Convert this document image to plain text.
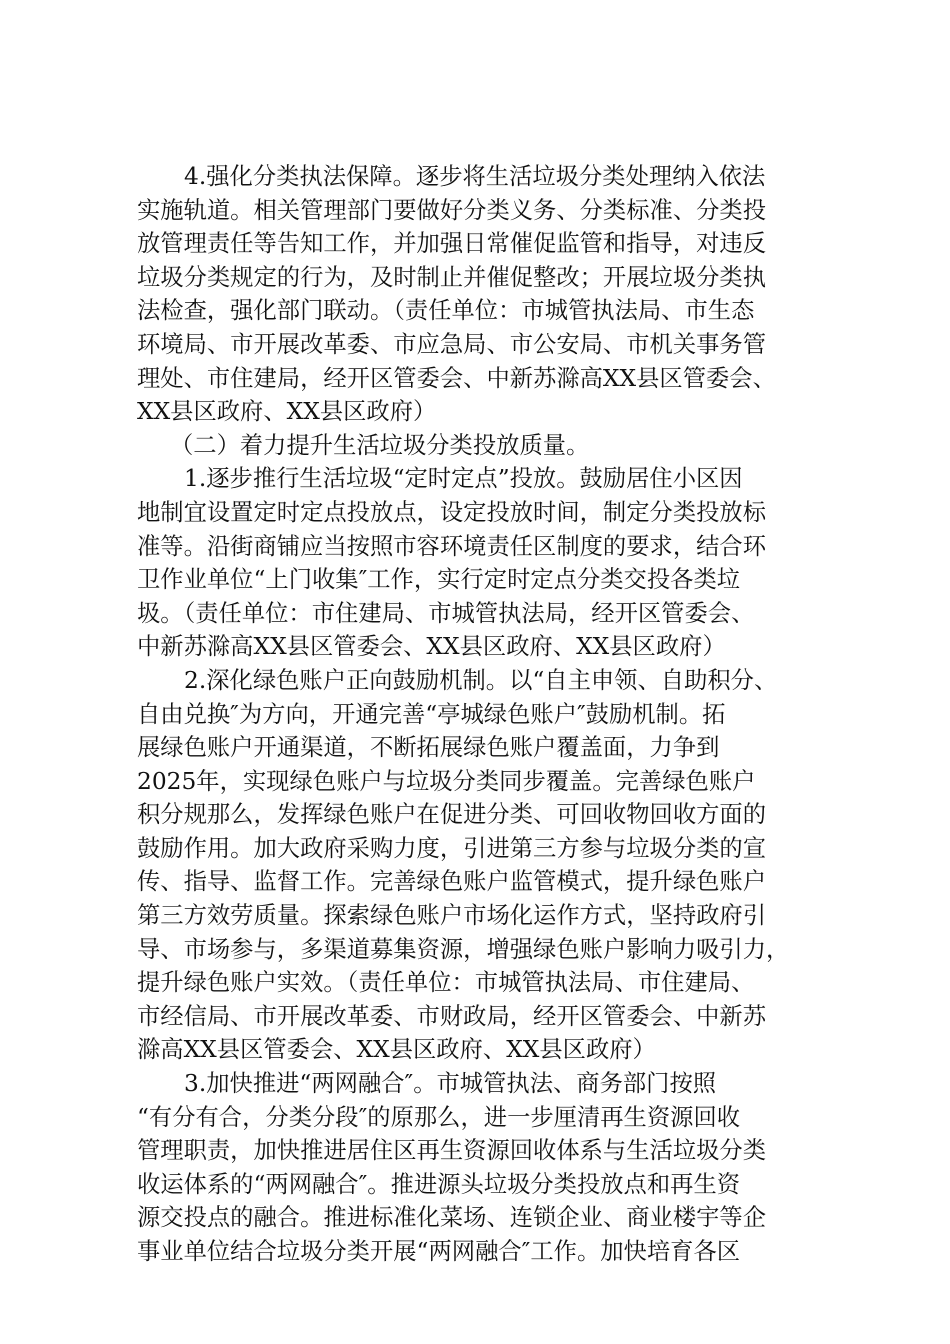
4.强化分类执法保障。逐步将生活垃圾分类处理纳入依法
实施轨道。相关管理部门要做好分类义务、分类标准、分类投
放管理责任等告知工作，并加强日常催促监管和指导，对违反
垃圾分类规定的行为，及时制止并催促整改；开展垃圾分类执
法检查，强化部门联动。（责任单位：市城管执法局、市生态
环境局、市开展改革委、市应急局、市公安局、市机关事务管
理处、市住建局，经开区管委会、中新苏滁高XX县区管委会、
XX县区政府、XX县区政府）
（二）着力提升生活垃圾分类投放质量。
1.逐步推行生活垃圾“定时定点”投放。鼓励居住小区因
地制宜设置定时定点投放点，设定投放时间，制定分类投放标
准等。沿街商铺应当按照市容环境责任区制度的要求，结合环
卫作业单位“上门收集″工作，实行定时定点分类交投各类垃
圾。（责任单位：市住建局、市城管执法局，经开区管委会、
中新苏滁高XX县区管委会、XX县区政府、XX县区政府）
2.深化绿色账户正向鼓励机制。以“自主申领、自助积分、
自由兑换″为方向，开通完善“亭城绿色账户″鼓励机制。拓
展绿色账户开通渠道，不断拓展绿色账户覆盖面，力争到
2025年，实现绿色账户与垃圾分类同步覆盖。完善绿色账户
积分规那么，发挥绿色账户在促进分类、可回收物回收方面的
鼓励作用。加大政府采购力度，引进第三方参与垃圾分类的宣
传、指导、监督工作。完善绿色账户监管模式，提升绿色账户
第三方效劳质量。探索绿色账户市场化运作方式，坚持政府引
导、市场参与，多渠道募集资源，增强绿色账户影响力吸引力，
提升绿色账户实效。（责任单位：市城管执法局、市住建局、
市经信局、市开展改革委、市财政局，经开区管委会、中新苏
滁高XX县区管委会、XX县区政府、XX县区政府）
3.加快推进“两网融合″。市城管执法、商务部门按照
“有分有合，分类分段″的原那么，进一步厘清再生资源回收
管理职责，加快推进居住区再生资源回收体系与生活垃圾分类
收运体系的“两网融合″。推进源头垃圾分类投放点和再生资
源交投点的融合。推进标准化菜场、连锁企业、商业楼宇等企
事业单位结合垃圾分类开展“两网融合″工作。加快培育各区
